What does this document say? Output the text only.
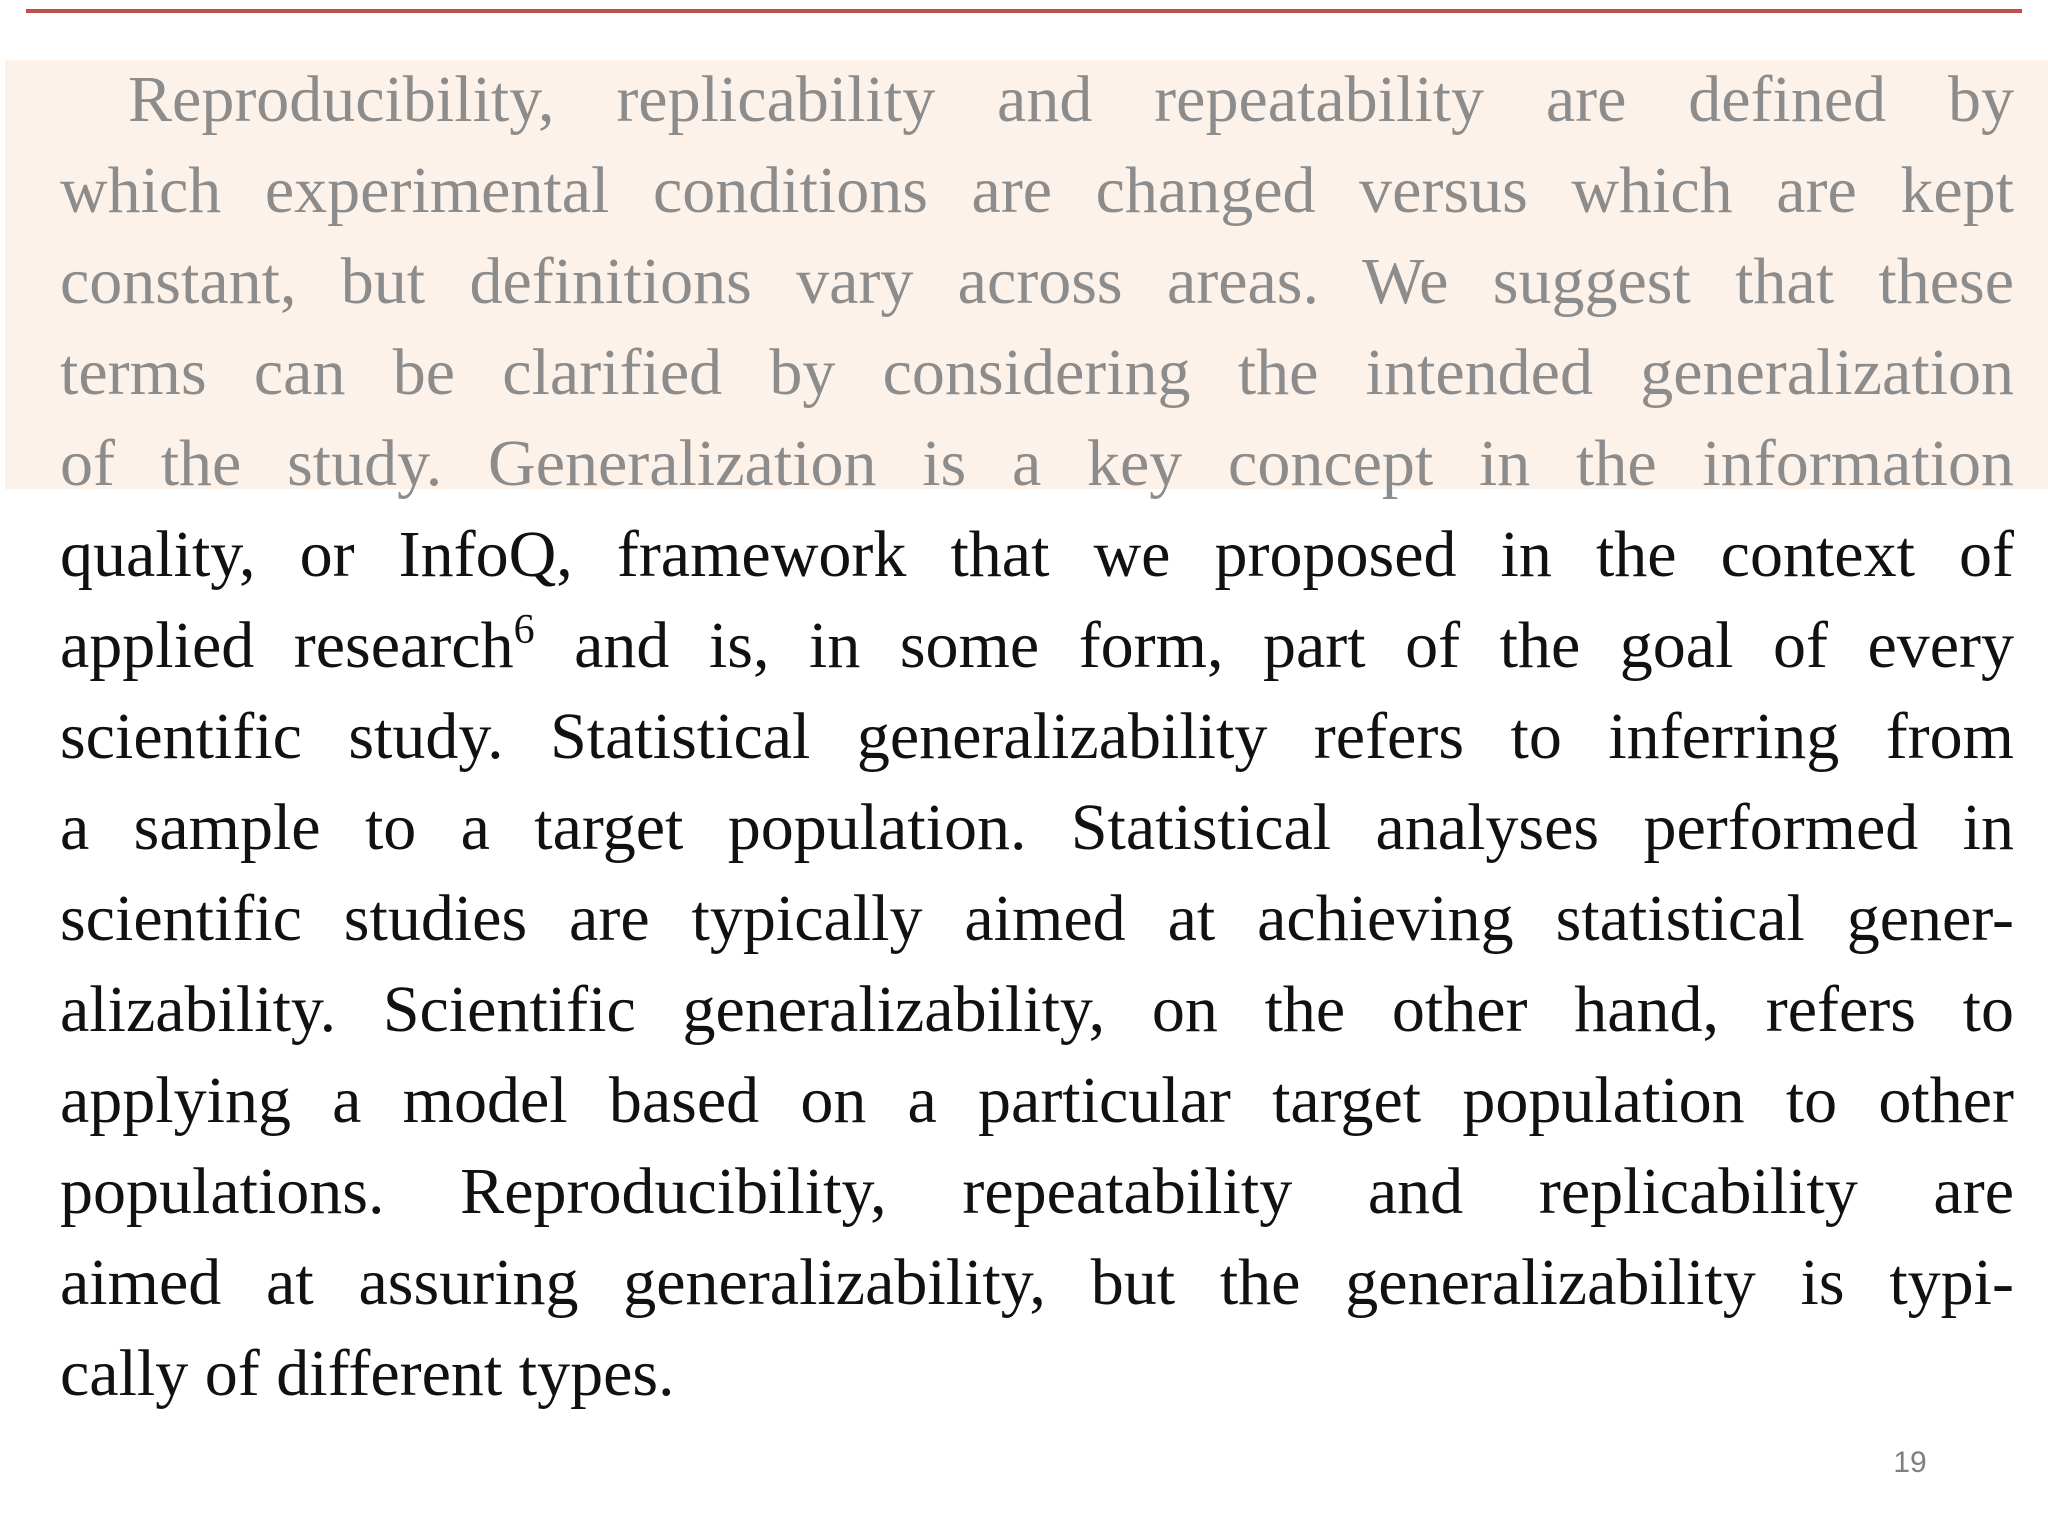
Reproducibility, replicability and repeatability are defined by
which experimental conditions are changed versus which are kept
constant, but definitions vary across areas. We suggest that these
terms can be clarified by considering the intended generalization
of the study. Generalization is a key concept in the information
quality, or InfoQ, framework that we proposed in the context of
applied research$^6$ and is, in some form, part of the goal of every
scientific study. Statistical generalizability refers to inferring from
a sample to a target population. Statistical analyses performed in
scientific studies are typically aimed at achieving statistical gener-
alizability. Scientific generalizability, on the other hand, refers to
applying a model based on a particular target population to other
populations. Reproducibility, repeatability and replicability are
aimed at assuring generalizability, but the generalizability is typi-
cally of different types.
19
